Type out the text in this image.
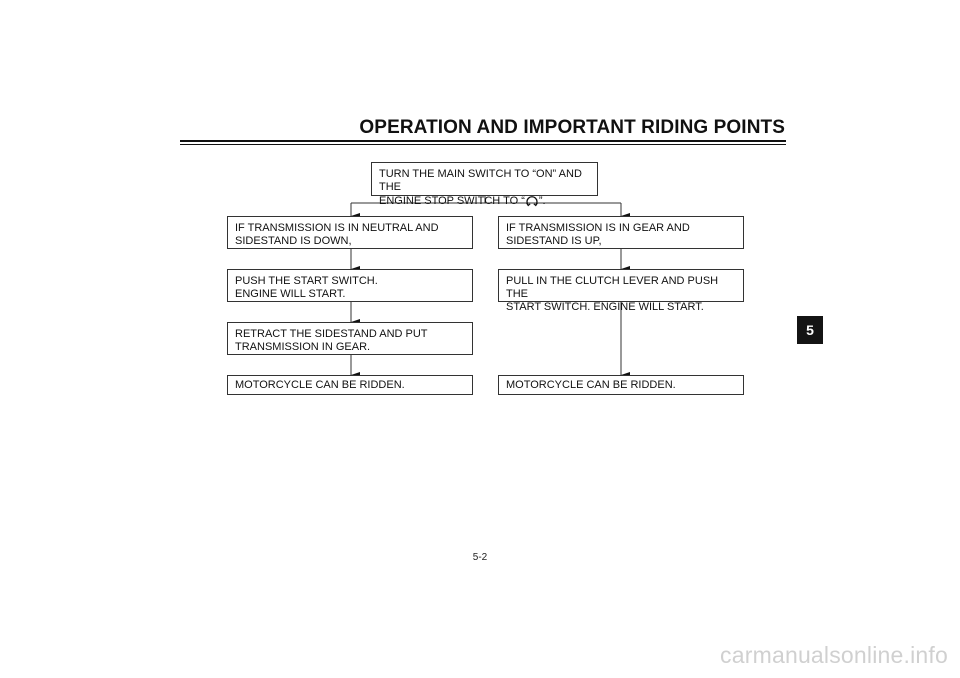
OPERATION AND IMPORTANT RIDING POINTS
TURN THE MAIN SWITCH TO “ON” AND THE
ENGINE STOP SWITCH TO “ ”.
IF TRANSMISSION IS IN NEUTRAL AND
SIDESTAND IS DOWN,
PUSH THE START SWITCH.
ENGINE WILL START.
RETRACT THE SIDESTAND AND PUT
TRANSMISSION IN GEAR.
MOTORCYCLE CAN BE RIDDEN.
IF TRANSMISSION IS IN GEAR AND
SIDESTAND IS UP,
PULL IN THE CLUTCH LEVER AND PUSH THE
START SWITCH. ENGINE WILL START.
MOTORCYCLE CAN BE RIDDEN.
5
5-2
carmanualsonline.info
